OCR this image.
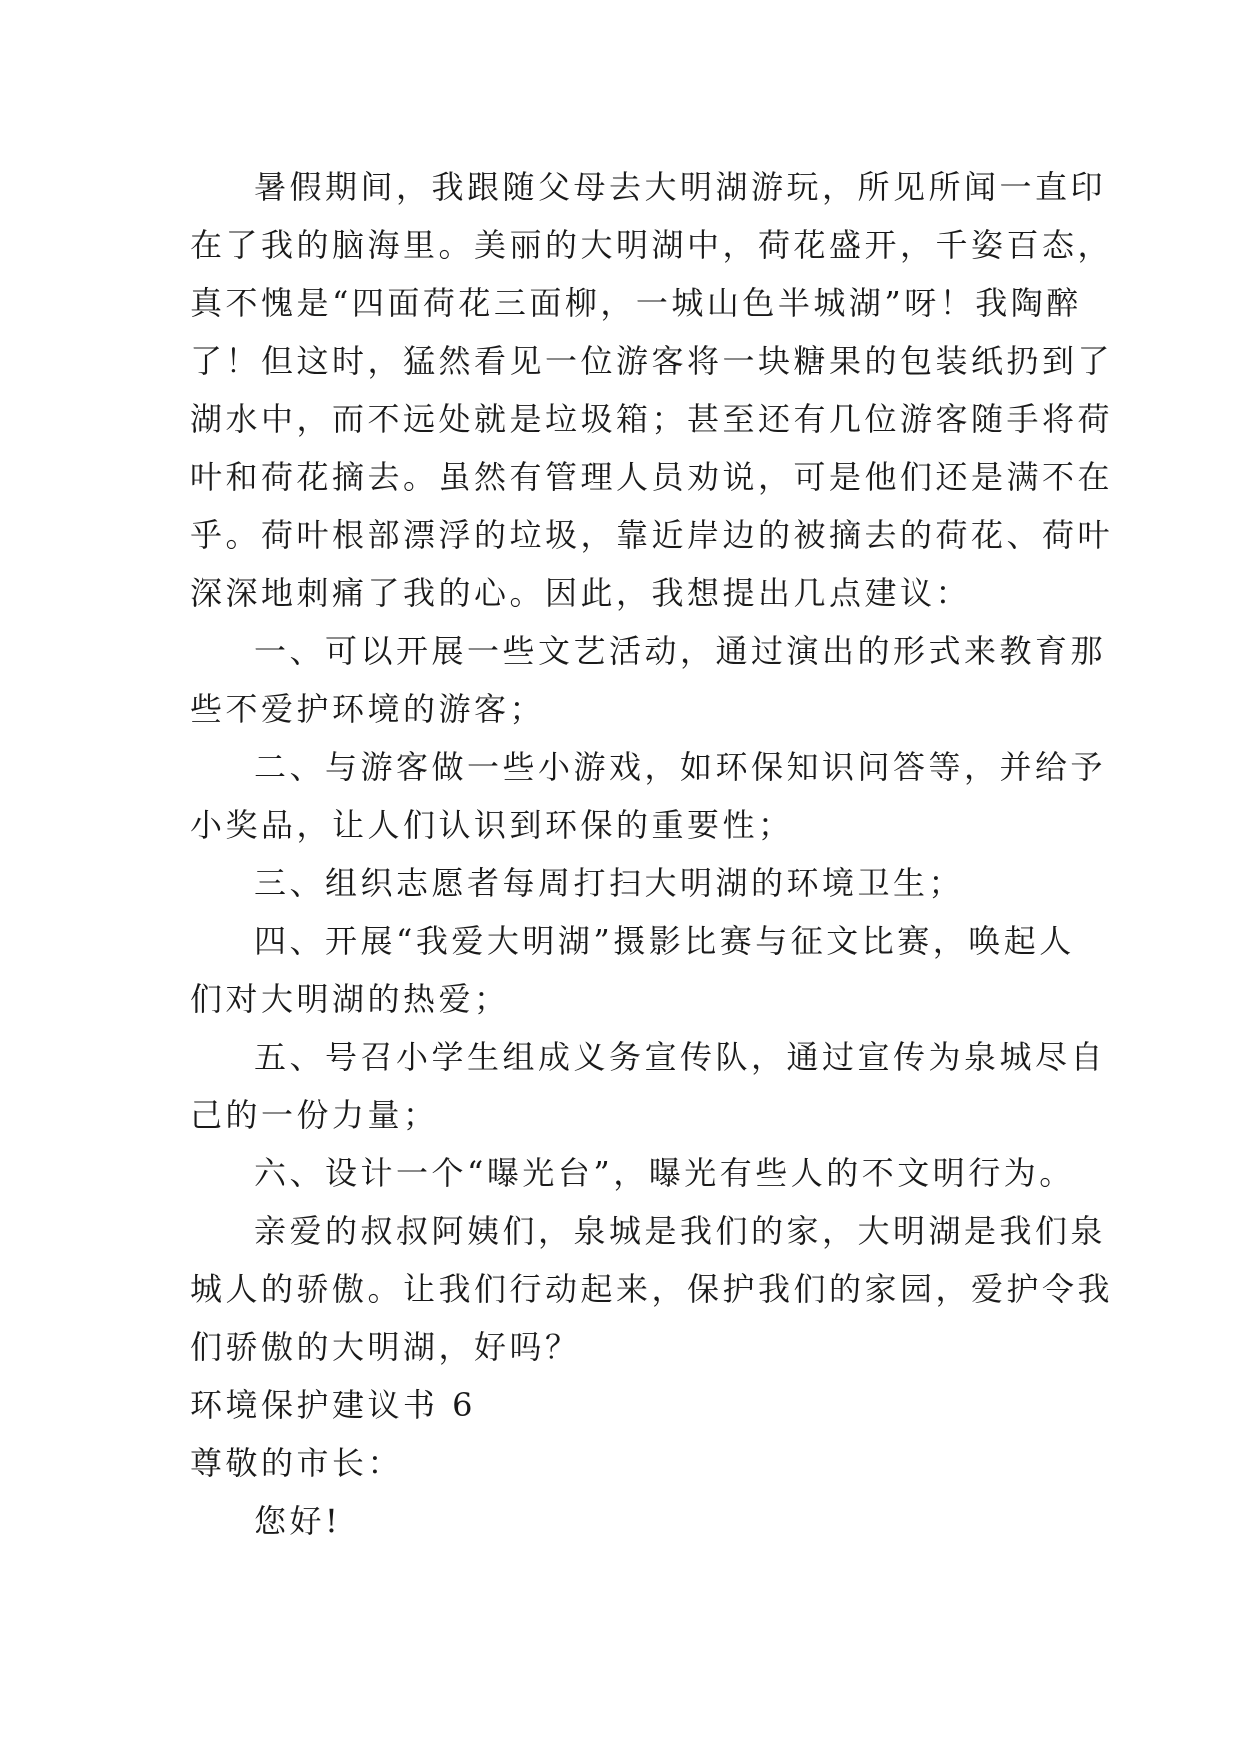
暑假期间，我跟随父母去大明湖游玩，所见所闻一直印
在了我的脑海里。美丽的大明湖中，荷花盛开，千姿百态，
真不愧是“四面荷花三面柳，一城山色半城湖”呀！我陶醉
了！但这时，猛然看见一位游客将一块糖果的包装纸扔到了
湖水中，而不远处就是垃圾箱；甚至还有几位游客随手将荷
叶和荷花摘去。虽然有管理人员劝说，可是他们还是满不在
乎。荷叶根部漂浮的垃圾，靠近岸边的被摘去的荷花、荷叶
深深地刺痛了我的心。因此，我想提出几点建议：
一、可以开展一些文艺活动，通过演出的形式来教育那
些不爱护环境的游客；
二、与游客做一些小游戏，如环保知识问答等，并给予
小奖品，让人们认识到环保的重要性；
三、组织志愿者每周打扫大明湖的环境卫生；
四、开展“我爱大明湖”摄影比赛与征文比赛，唤起人
们对大明湖的热爱；
五、号召小学生组成义务宣传队，通过宣传为泉城尽自
己的一份力量；
六、设计一个“曝光台”，曝光有些人的不文明行为。
亲爱的叔叔阿姨们，泉城是我们的家，大明湖是我们泉
城人的骄傲。让我们行动起来，保护我们的家园，爱护令我
们骄傲的大明湖，好吗？
环境保护建议书 6
尊敬的市长：
您好!
